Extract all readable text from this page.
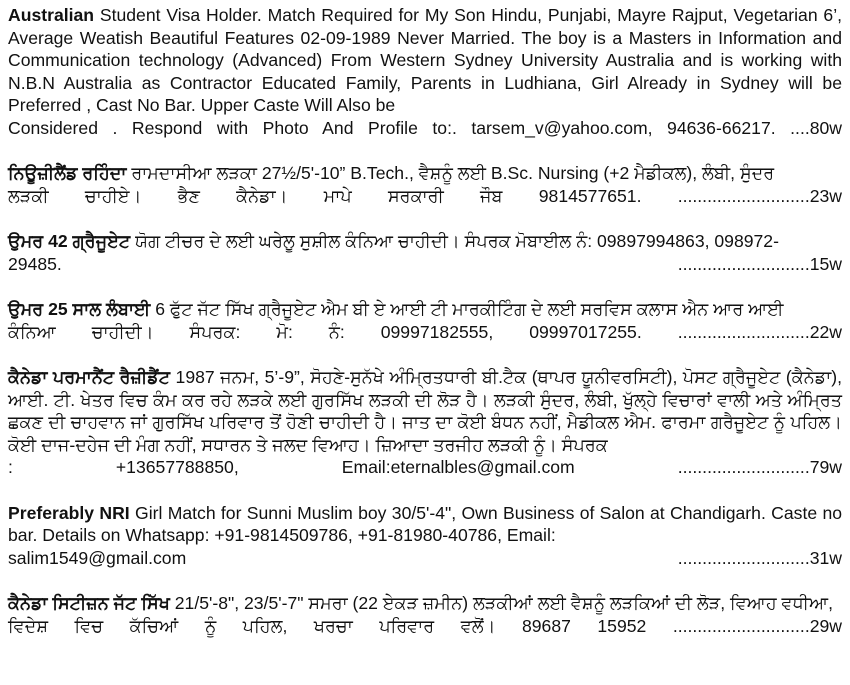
Australian Student Visa Holder. Match Required for My Son Hindu, Punjabi, Mayre Rajput, Vegetarian 6’, Average Weatish Beautiful Features 02-09-1989 Never Married. The boy is a Masters in Information and Communication technology (Advanced) From Western Sydney University Australia and is working with N.B.N Australia as Contractor Educated Family, Parents in Ludhiana, Girl Already in Sydney will be Preferred , Cast No Bar. Upper Caste Will Also be

Considered . Respond with Photo And Profile to:. tarsem_v@yahoo.com, 94636-66217. ....80w

ਨਿਊਜ਼ੀਲੈਂਡ ਰਹਿੰਦਾ ਰਾਮਦਾਸੀਆ ਲੜਕਾ 27½/5'-10” B.Tech., ਵੈਸ਼ਨੂੰ ਲਈ B.Sc. Nursing (+2 ਮੈਡੀਕਲ), ਲੰਬੀ, ਸੁੰਦਰ

ਲੜਕੀ ਚਾਹੀਏ। ਭੈਣ ਕੈਨੇਡਾ। ਮਾਪੇ ਸਰਕਾਰੀ ਜੌਬ 9814577651. ...........................23w

ਉਮਰ 42 ਗ੍ਰੈਜੂਏਟ ਯੋਗ ਟੀਚਰ ਦੇ ਲਈ ਘਰੇਲੂ ਸੁਸ਼ੀਲ ਕੰਨਿਆ ਚਾਹੀਦੀ। ਸੰਪਰਕ ਮੋਬਾਈਲ ਨੰ: 09897994863, 098972-

29485.	...........................15w

ਉਮਰ 25 ਸਾਲ ਲੰਬਾਈ 6 ਫੁੱਟ ਜੱਟ ਸਿੱਖ ਗ੍ਰੈਜੂਏਟ ਐਮ ਬੀ ਏ ਆਈ ਟੀ ਮਾਰਕੀਟਿੰਗ ਦੇ ਲਈ ਸਰਵਿਸ ਕਲਾਸ ਐਨ ਆਰ ਆਈ

ਕੰਨਿਆ ਚਾਹੀਦੀ। ਸੰਪਰਕ: ਮੋ: ਨੰ: 09997182555, 09997017255. ...........................22w

ਕੈਨੇਡਾ ਪਰਮਾਨੈਂਟ ਰੈਜ਼ੀਡੈਂਟ 1987 ਜਨਮ, 5’-9”, ਸੋਹਣੇ-ਸੁਨੱਖੇ ਅੰਮ੍ਰਿਤਧਾਰੀ ਬੀ.ਟੈਕ (ਥਾਪਰ ਯੂਨੀਵਰਸਿਟੀ), ਪੋਸਟ ਗ੍ਰੈਜੂਏਟ (ਕੈਨੇਡਾ), ਆਈ. ਟੀ. ਖੇਤਰ ਵਿਚ ਕੰਮ ਕਰ ਰਹੇ ਲੜਕੇ ਲਈ ਗੁਰਸਿੱਖ ਲੜਕੀ ਦੀ ਲੋੜ ਹੈ। ਲੜਕੀ ਸੁੰਦਰ, ਲੰਬੀ, ਖੁੱਲ੍ਹੇ ਵਿਚਾਰਾਂ ਵਾਲੀ ਅਤੇ ਅੰਮ੍ਰਿਤ ਛਕਣ ਦੀ ਚਾਹਵਾਨ ਜਾਂ ਗੁਰਸਿੱਖ ਪਰਿਵਾਰ ਤੋਂ ਹੋਣੀ ਚਾਹੀਦੀ ਹੈ। ਜਾਤ ਦਾ ਕੋਈ ਬੰਧਨ ਨਹੀਂ, ਮੈਡੀਕਲ ਐਮ. ਫਾਰਮਾ ਗਰੈਜੂਏਟ ਨੂੰ ਪਹਿਲ। ਕੋਈ ਦਾਜ-ਦਹੇਜ ਦੀ ਮੰਗ ਨਹੀਂ, ਸਧਾਰਨ ਤੇ ਜਲਦ ਵਿਆਹ। ਜ਼ਿਆਦਾ ਤਰਜੀਹ ਲੜਕੀ ਨੂੰ। ਸੰਪਰਕ

: +13657788850, Email:eternalbles@gmail.com	...........................79w

Preferably NRI Girl Match for Sunni Muslim boy 30/5'-4", Own Business of Salon at Chandigarh. Caste no bar. Details on Whatsapp: +91-9814509786, +91-81980-40786, Email:

salim1549@gmail.com	...........................31w

ਕੈਨੇਡਾ ਸਿਟੀਜ਼ਨ ਜੱਟ ਸਿੱਖ 21/5'-8", 23/5'-7" ਸਮਰਾ (22 ਏਕੜ ਜ਼ਮੀਨ) ਲੜਕੀਆਂ ਲਈ ਵੈਸ਼ਨੂੰ ਲੜਕਿਆਂ ਦੀ ਲੋੜ, ਵਿਆਹ ਵਧੀਆ,

ਵਿਦੇਸ਼ ਵਿਚ ਕੱਚਿਆਂ ਨੂੰ ਪਹਿਲ, ਖਰਚਾ ਪਰਿਵਾਰ ਵਲੋਂ। 89687 15952 ............................29w
